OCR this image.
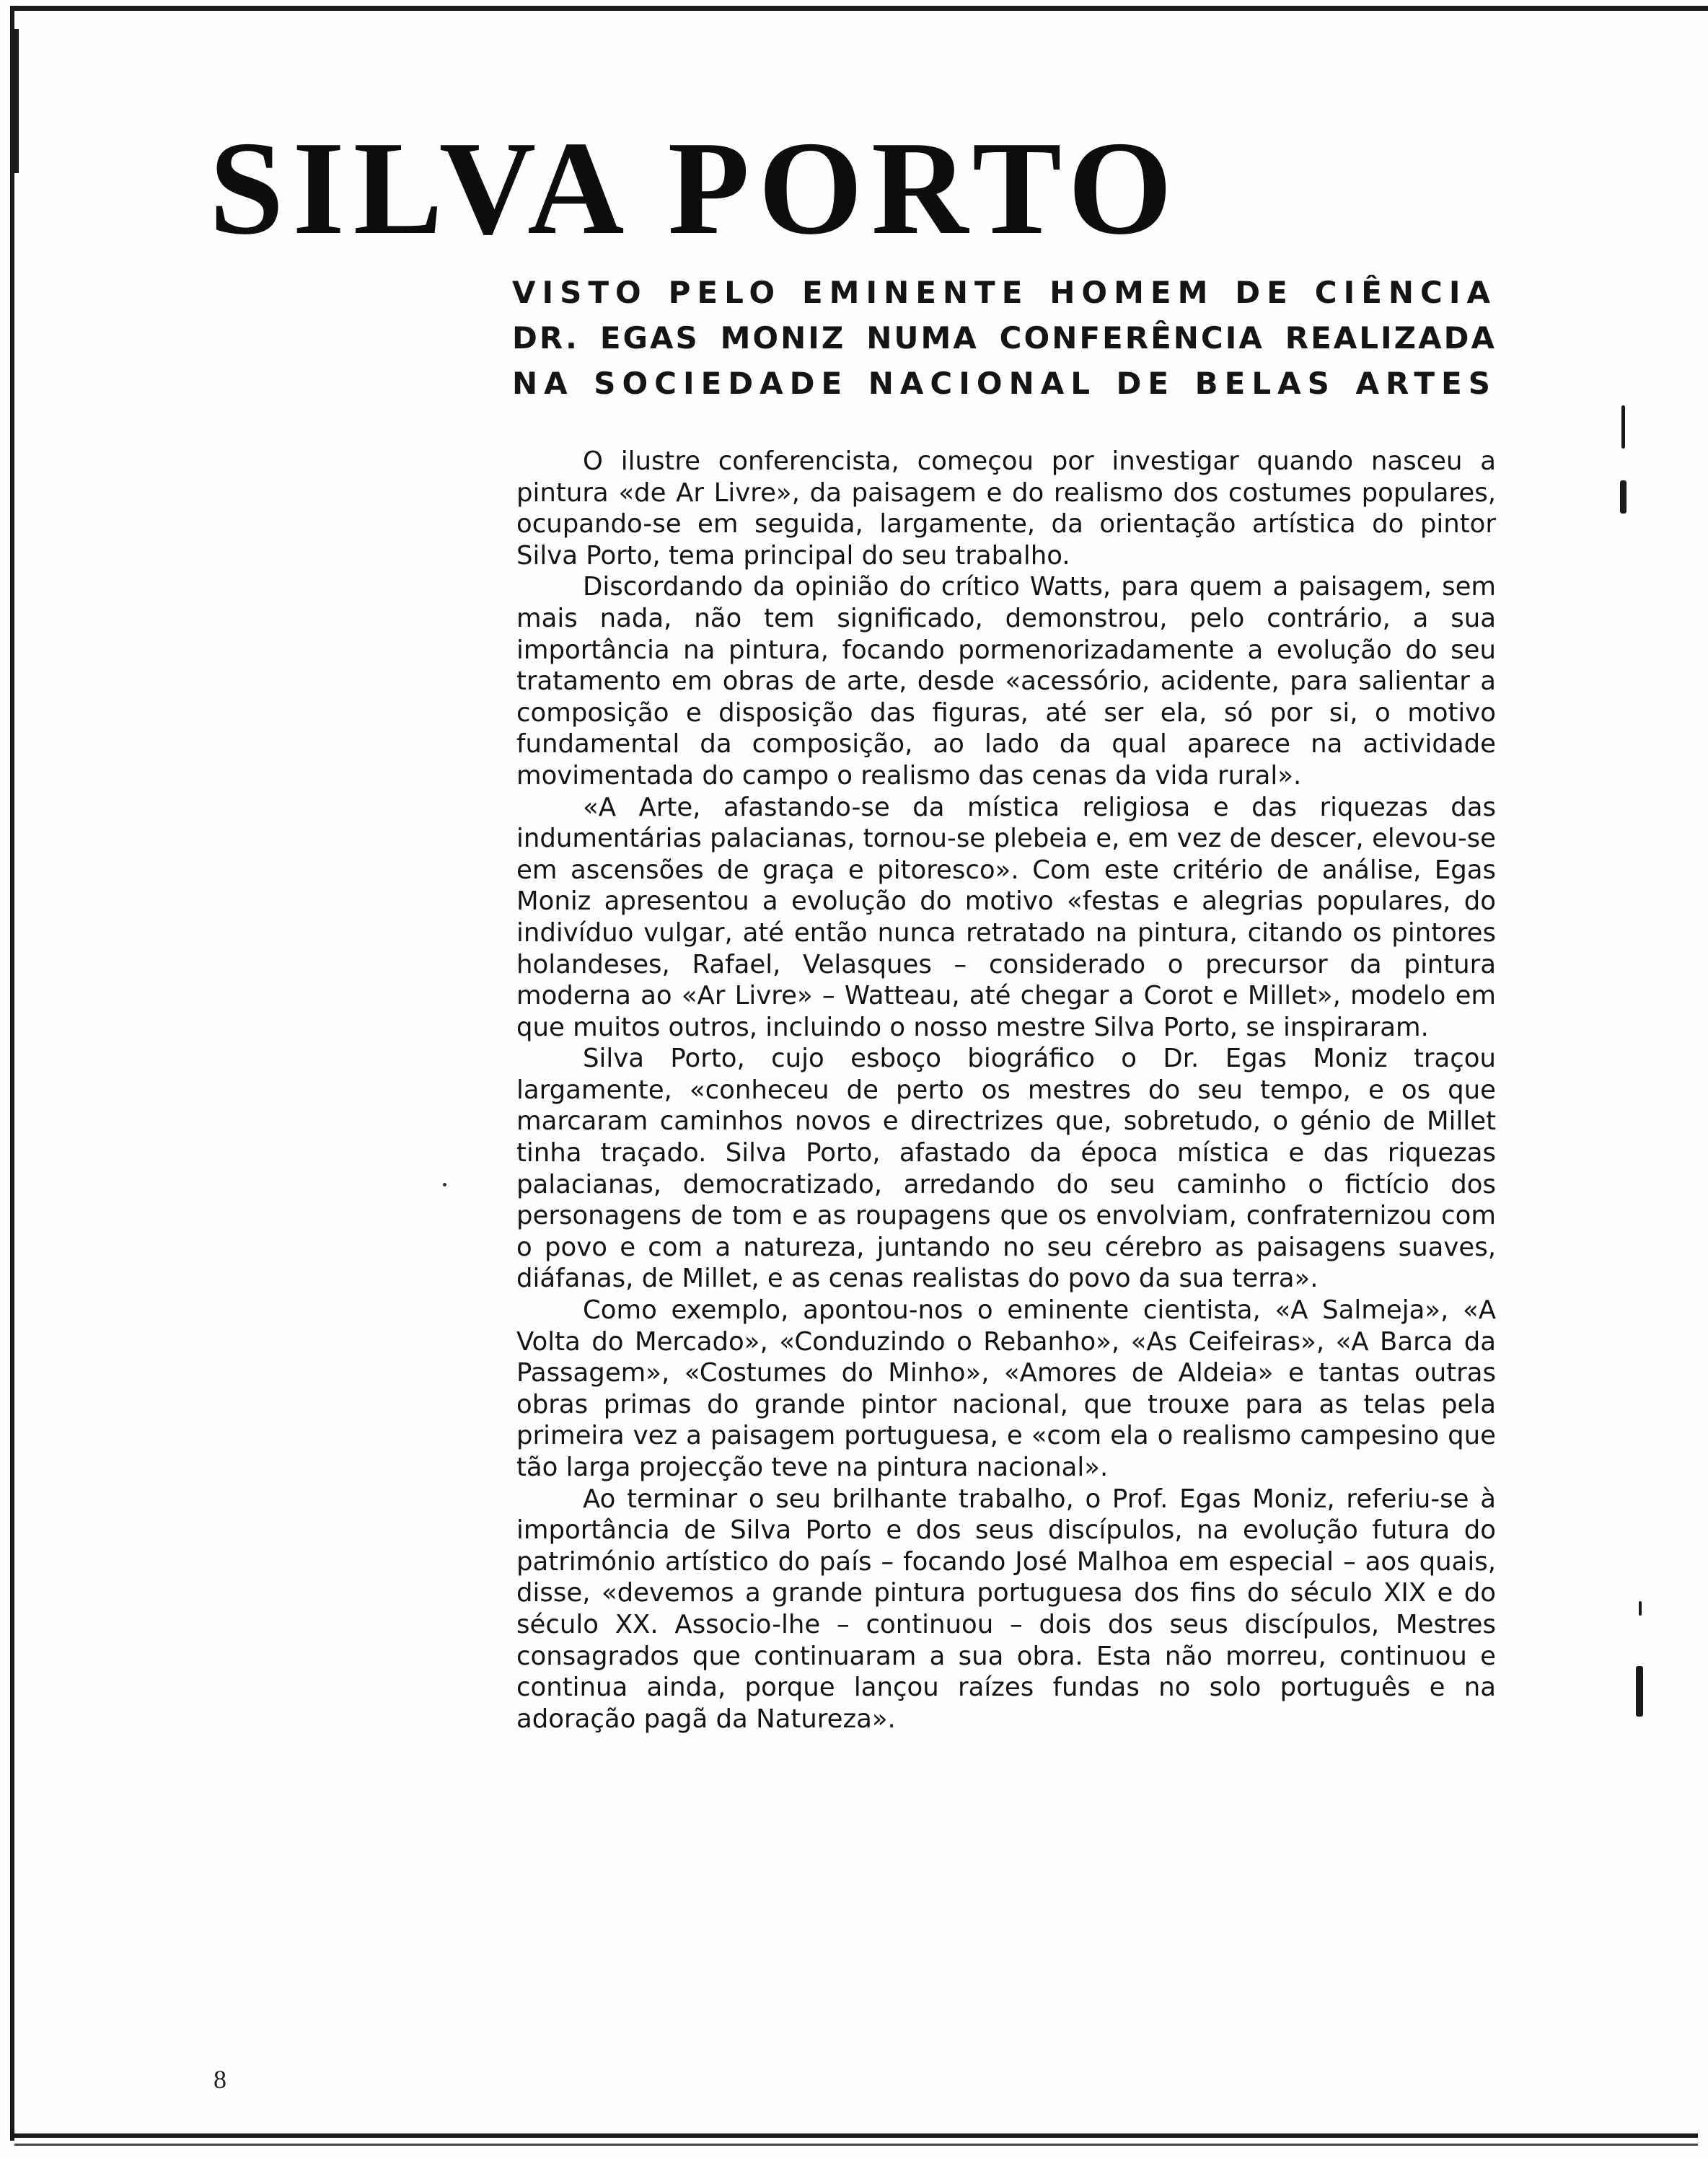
SILVA PORTO
VISTO PELO EMINENTE HOMEM DE CIÊNCIA
DR. EGAS MONIZ NUMA CONFERÊNCIA REALIZADA
NA SOCIEDADE NACIONAL DE BELAS ARTES

O ilustre conferencista, começou por investigar quando nasceu a pintura «de Ar Livre», da paisagem e do realismo dos costumes populares, ocupando-se em seguida, largamente, da orientação artística do pintor Silva Porto, tema principal do seu trabalho.

Discordando da opinião do crítico Watts, para quem a paisagem, sem mais nada, não tem significado, demonstrou, pelo contrário, a sua importância na pintura, focando pormenorizadamente a evolução do seu tratamento em obras de arte, desde «acessório, acidente, para salientar a composição e disposição das figuras, até ser ela, só por si, o motivo fundamental da composição, ao lado da qual aparece na actividade movimentada do campo o realismo das cenas da vida rural».

«A Arte, afastando-se da mística religiosa e das riquezas das indumentárias palacianas, tornou-se plebeia e, em vez de descer, elevou-se em ascensões de graça e pitoresco». Com este critério de análise, Egas Moniz apresentou a evolução do motivo «festas e alegrias populares, do indivíduo vulgar, até então nunca retratado na pintura, citando os pintores holandeses, Rafael, Velasques – considerado o precursor da pintura moderna ao «Ar Livre» – Watteau, até chegar a Corot e Millet», modelo em que muitos outros, incluindo o nosso mestre Silva Porto, se inspiraram.

Silva Porto, cujo esboço biográfico o Dr. Egas Moniz traçou largamente, «conheceu de perto os mestres do seu tempo, e os que marcaram caminhos novos e directrizes que, sobretudo, o génio de Millet tinha traçado. Silva Porto, afastado da época mística e das riquezas palacianas, democratizado, arredando do seu caminho o fictício dos personagens de tom e as roupagens que os envolviam, confraternizou com o povo e com a natureza, juntando no seu cérebro as paisagens suaves, diáfanas, de Millet, e as cenas realistas do povo da sua terra».

Como exemplo, apontou-nos o eminente cientista, «A Salmeja», «A Volta do Mercado», «Conduzindo o Rebanho», «As Ceifeiras», «A Barca da Passagem», «Costumes do Minho», «Amores de Aldeia» e tantas outras obras primas do grande pintor nacional, que trouxe para as telas pela primeira vez a paisagem portuguesa, e «com ela o realismo campesino que tão larga projecção teve na pintura nacional».

Ao terminar o seu brilhante trabalho, o Prof. Egas Moniz, referiu-se à importância de Silva Porto e dos seus discípulos, na evolução futura do património artístico do país – focando José Malhoa em especial – aos quais, disse, «devemos a grande pintura portuguesa dos fins do século XIX e do século XX. Associo-lhe – continuou – dois dos seus discípulos, Mestres consagrados que continuaram a sua obra. Esta não morreu, continuou e continua ainda, porque lançou raízes fundas no solo português e na adoração pagã da Natureza».

8
